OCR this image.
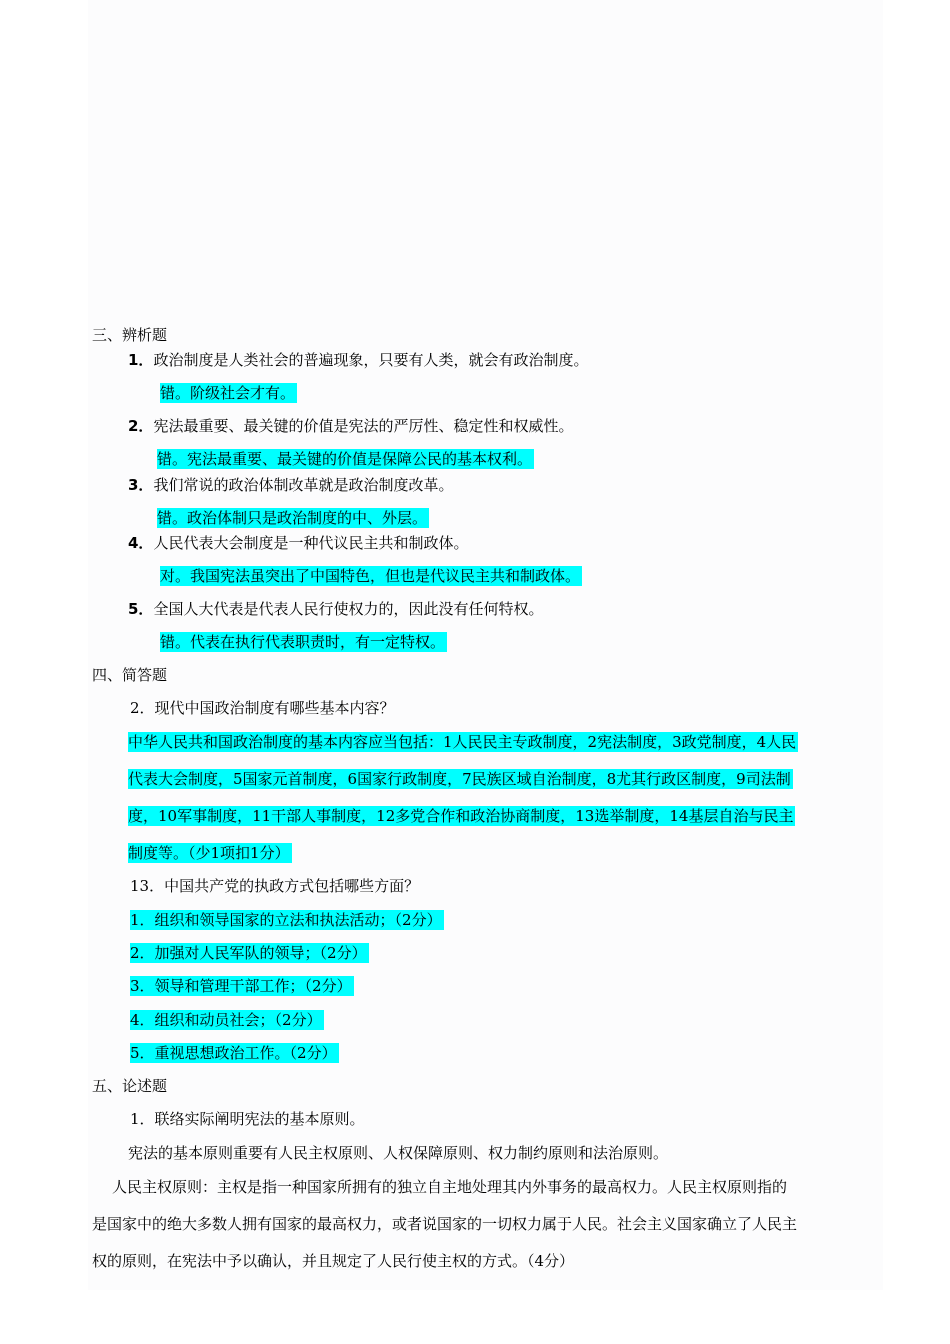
三、辨析题
1．政治制度是人类社会的普遍现象，只要有人类，就会有政治制度。
错。阶级社会才有。
2．宪法最重要、最关键的价值是宪法的严厉性、稳定性和权威性。
错。宪法最重要、最关键的价值是保障公民的基本权利。
3．我们常说的政治体制改革就是政治制度改革。
错。政治体制只是政治制度的中、外层。
4．人民代表大会制度是一种代议民主共和制政体。
对。我国宪法虽突出了中国特色，但也是代议民主共和制政体。
5．全国人大代表是代表人民行使权力的，因此没有任何特权。
错。代表在执行代表职责时，有一定特权。
四、简答题
2．现代中国政治制度有哪些基本内容？
中华人民共和国政治制度的基本内容应当包括：1人民民主专政制度，2宪法制度，3政党制度，4人民
代表大会制度，5国家元首制度，6国家行政制度，7民族区域自治制度，8尤其行政区制度，9司法制
度，10军事制度，11干部人事制度，12多党合作和政治协商制度，13选举制度，14基层自治与民主
制度等。（少1项扣1分）
13．中国共产党的执政方式包括哪些方面？
1．组织和领导国家的立法和执法活动；（2分）
2．加强对人民军队的领导；（2分）
3．领导和管理干部工作；（2分）
4．组织和动员社会；（2分）
5．重视思想政治工作。（2分）
五、论述题
1．联络实际阐明宪法的基本原则。
宪法的基本原则重要有人民主权原则、人权保障原则、权力制约原则和法治原则。
人民主权原则：主权是指一种国家所拥有的独立自主地处理其内外事务的最高权力。人民主权原则指的
是国家中的绝大多数人拥有国家的最高权力，或者说国家的一切权力属于人民。社会主义国家确立了人民主
权的原则，在宪法中予以确认，并且规定了人民行使主权的方式。（4分）
